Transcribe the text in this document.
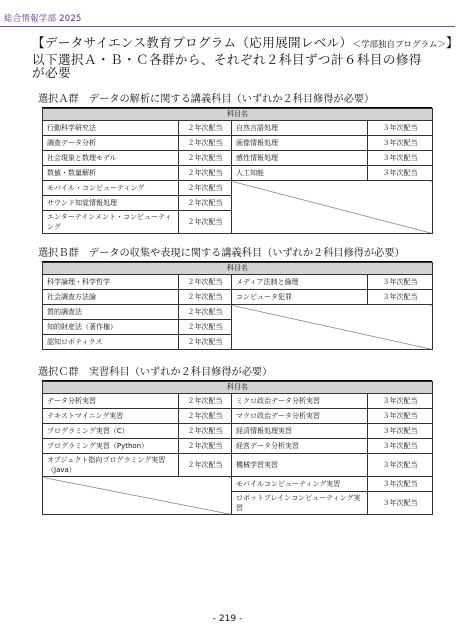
総合情報学部 2025
【データサイエンス教育プログラム（応用展開レベル）＜学部独自プログラム＞】
以下選択Ａ・Ｂ・Ｃ各群から、それぞれ２科目ずつ計６科目の修得が必要
選択Ａ群　データの解析に関する講義科目（いずれか２科目修得が必要）
科目名			
行動科学研究法	２年次配当	自然言語処理	３年次配当
調査データ分析	２年次配当	画像情報処理	３年次配当
社会現象と数理モデル	２年次配当	感性情報処理	３年次配当
数値・数量解析	２年次配当	人工知能	３年次配当
モバイル・コンピューティング	２年次配当		
サウンド知覚情報処理	２年次配当		
エンターテインメント・コンピューティング	２年次配当		
選択Ｂ群　データの収集や表現に関する講義科目（いずれか２科目修得が必要）
科目名			
科学論理・科学哲学	２年次配当	メディア法制と倫理	３年次配当
社会調査方法論	２年次配当	コンピュータ犯罪	３年次配当
質的調査法	２年次配当		
知的財産法（著作権）	２年次配当		
認知ロボティクス	２年次配当		
選択Ｃ群　実習科目（いずれか２科目修得が必要）
科目名			
データ分析実習	２年次配当	ミクロ政治データ分析実習	３年次配当
テキストマイニング実習	２年次配当	マクロ政治データ分析実習	３年次配当
プログラミング実習（C）	２年次配当	経済情報処理実習	３年次配当
プログラミング実習（Python）	２年次配当	経営データ分析実習	３年次配当
オブジェクト指向プログラミング実習（Java）	２年次配当	機械学習実習	３年次配当
		モバイルコンピューティング実習	３年次配当
		ロボットブレインコンピューティング実習	３年次配当
- 219 -
